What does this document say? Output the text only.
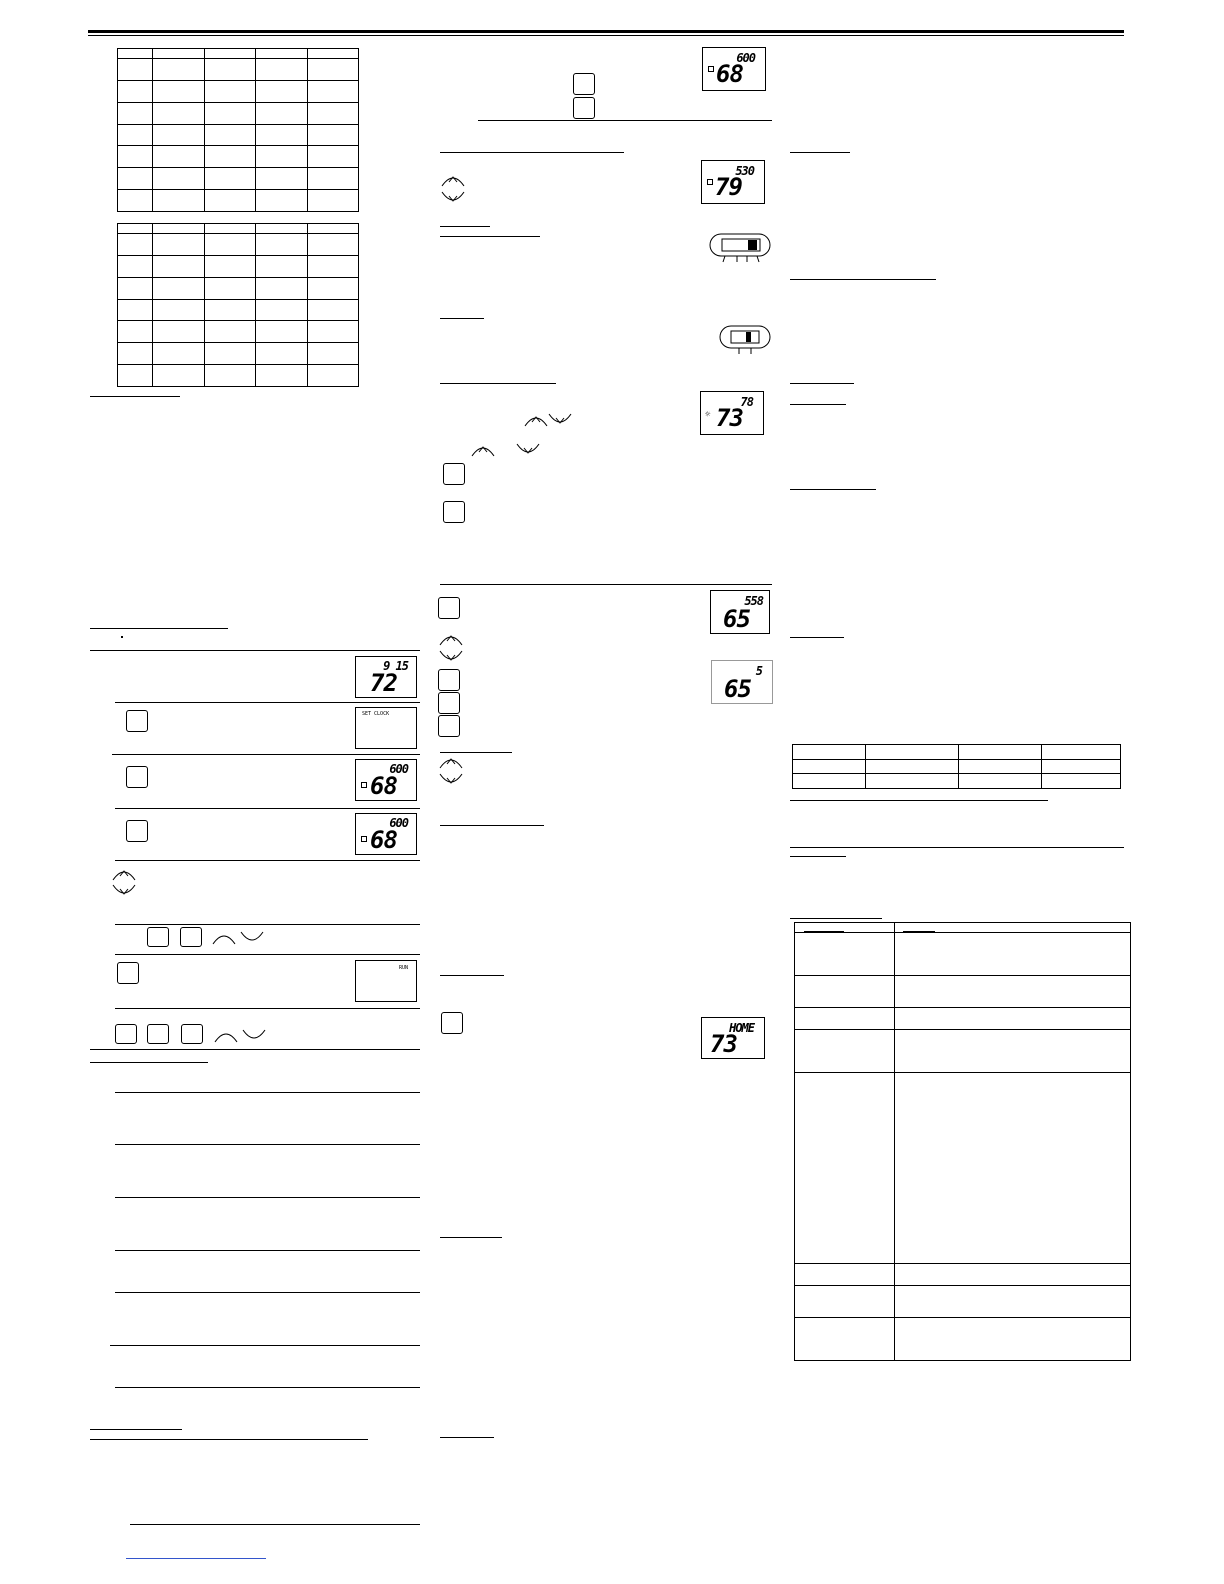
9 15
72
SET CLOCK
600
68
600
68
RUN
600
68
530
79
☼
78
73
558
65
5
65
HOME
73
